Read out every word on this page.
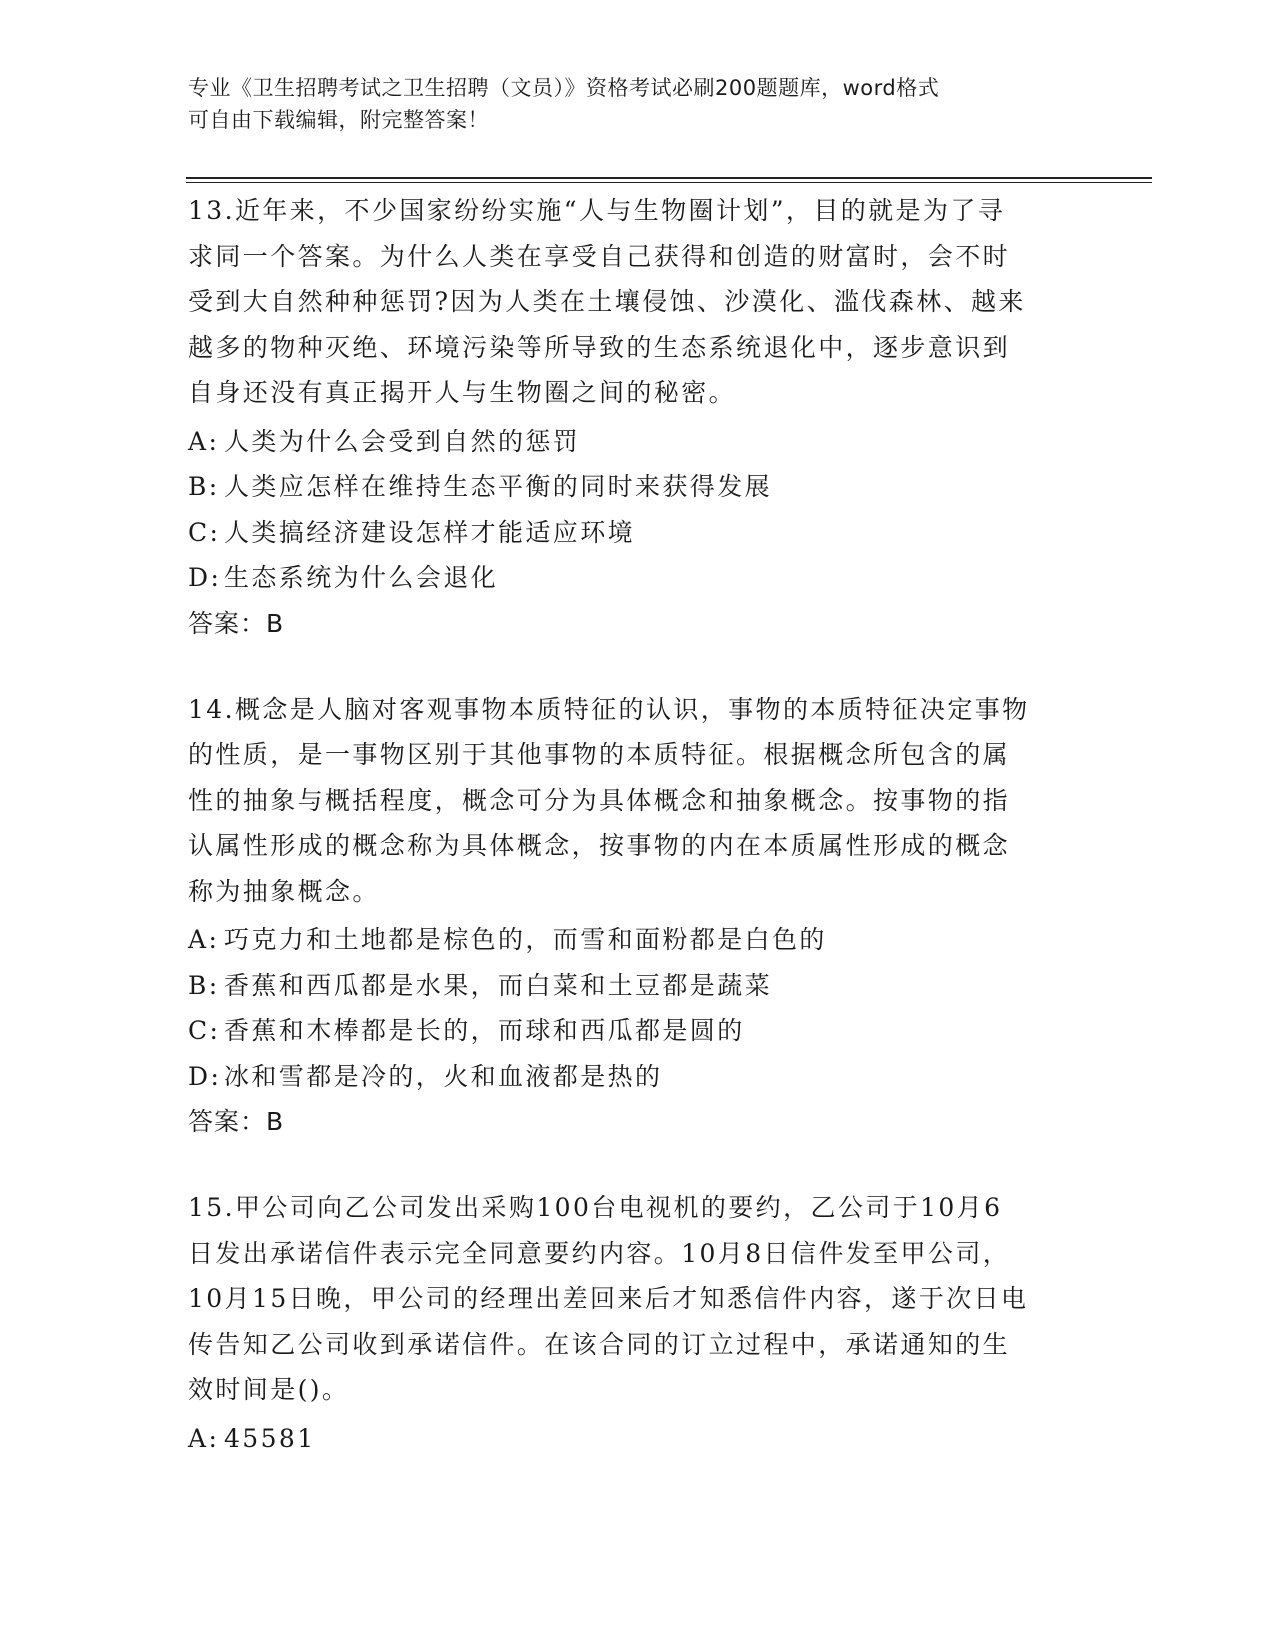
专业《卫生招聘考试之卫生招聘（文员）》资格考试必刷200题题库，word格式
可自由下载编辑，附完整答案！
13.近年来，不少国家纷纷实施“人与生物圈计划”，目的就是为了寻
求同一个答案。为什么人类在享受自己获得和创造的财富时，会不时
受到大自然种种惩罚?因为人类在土壤侵蚀、沙漠化、滥伐森林、越来
越多的物种灭绝、环境污染等所导致的生态系统退化中，逐步意识到
自身还没有真正揭开人与生物圈之间的秘密。
A: 人类为什么会受到自然的惩罚
B: 人类应怎样在维持生态平衡的同时来获得发展
C: 人类搞经济建设怎样才能适应环境
D: 生态系统为什么会退化
答案：B
14.概念是人脑对客观事物本质特征的认识，事物的本质特征决定事物
的性质，是一事物区别于其他事物的本质特征。根据概念所包含的属
性的抽象与概括程度，概念可分为具体概念和抽象概念。按事物的指
认属性形成的概念称为具体概念，按事物的内在本质属性形成的概念
称为抽象概念。
A: 巧克力和土地都是棕色的，而雪和面粉都是白色的
B: 香蕉和西瓜都是水果，而白菜和土豆都是蔬菜
C: 香蕉和木棒都是长的，而球和西瓜都是圆的
D: 冰和雪都是冷的，火和血液都是热的
答案：B
15.甲公司向乙公司发出采购100台电视机的要约，乙公司于10月6
日发出承诺信件表示完全同意要约内容。10月8日信件发至甲公司，
10月15日晚，甲公司的经理出差回来后才知悉信件内容，遂于次日电
传告知乙公司收到承诺信件。在该合同的订立过程中，承诺通知的生
效时间是()。
A: 45581
